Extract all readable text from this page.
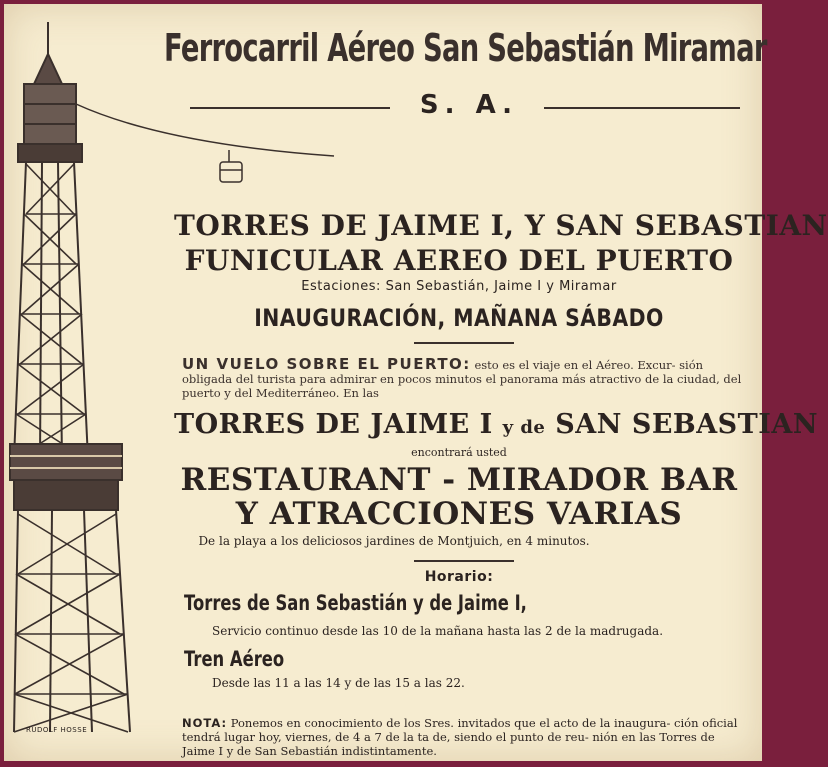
RUDOLF HOSSE
Ferrocarril Aéreo San Sebastián Miramar
S. A.
TORRES DE JAIME I, Y SAN SEBASTIAN
FUNICULAR AEREO DEL PUERTO
Estaciones: San Sebastián, Jaime I y Miramar
INAUGURACIÓN, MAÑANA SÁBADO
UN VUELO SOBRE EL PUERTO: esto es el viaje en el Aéreo. Excur- sión obligada del turista para admirar en pocos minutos el panorama más atractivo de la ciudad, del puerto y del Mediterráneo. En las
TORRES DE JAIME I y de SAN SEBASTIAN
encontrará usted
RESTAURANT - MIRADOR BAR
Y ATRACCIONES VARIAS
De la playa a los deliciosos jardines de Montjuich, en 4 minutos.
Horario:
Torres de San Sebastián y de Jaime I,
Servicio continuo desde las 10 de la mañana hasta las 2 de la madrugada.
Tren Aéreo
Desde las 11 a las 14 y de las 15 a las 22.
NOTA: Ponemos en conocimiento de los Sres. invitados que el acto de la inaugura- ción oficial tendrá lugar hoy, viernes, de 4 a 7 de la ta de, siendo el punto de reu- nión en las Torres de Jaime I y de San Sebastián indistintamente.
